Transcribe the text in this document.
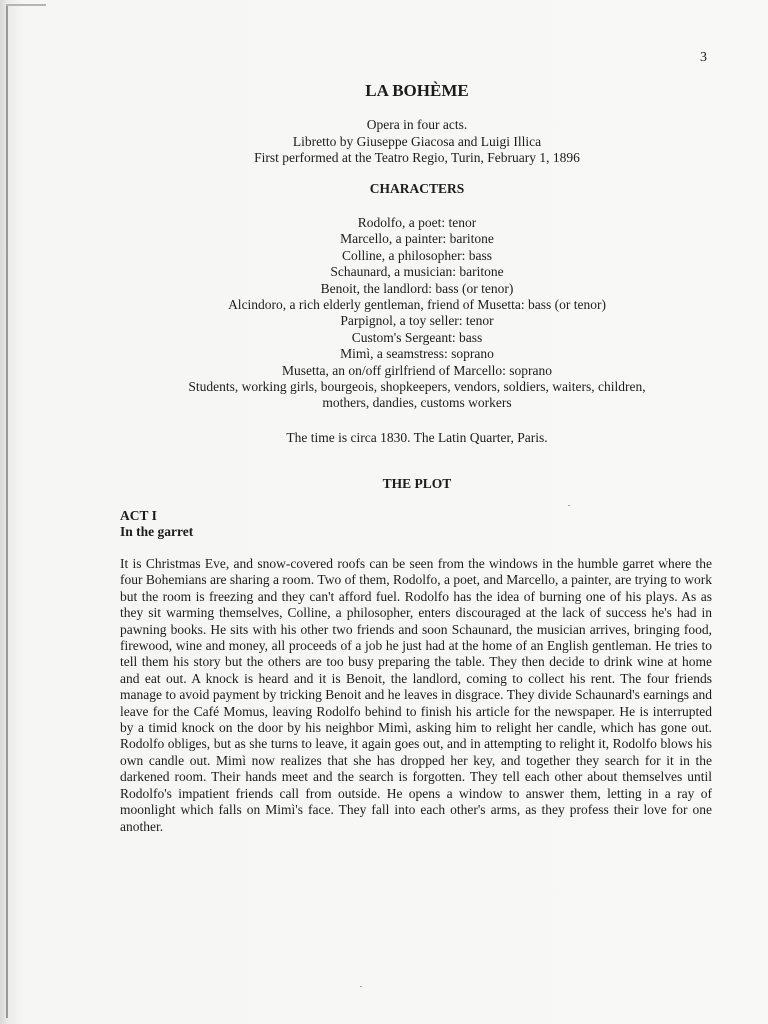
3
LA BOHÈME
Opera in four acts.
Libretto by Giuseppe Giacosa and Luigi Illica
First performed at the Teatro Regio, Turin, February 1, 1896
CHARACTERS
Rodolfo, a poet: tenor
Marcello, a painter: baritone
Colline, a philosopher: bass
Schaunard, a musician: baritone
Benoit, the landlord: bass (or tenor)
Alcindoro, a rich elderly gentleman, friend of Musetta: bass (or tenor)
Parpignol, a toy seller: tenor
Custom's Sergeant: bass
Mimì, a seamstress: soprano
Musetta, an on/off girlfriend of Marcello: soprano
Students, working girls, bourgeois, shopkeepers, vendors, soldiers, waiters, children,
mothers, dandies, customs workers
The time is circa 1830. The Latin Quarter, Paris.
THE PLOT
ACT I
In the garret
It is Christmas Eve, and snow-covered roofs can be seen from the windows in the humble garret where the four Bohemians are sharing a room. Two of them, Rodolfo, a poet, and Marcello, a painter, are trying to work but the room is freezing and they can't afford fuel. Rodolfo has the idea of burning one of his plays. As as they sit warming themselves, Colline, a philosopher, enters discouraged at the lack of success he's had in pawning books. He sits with his other two friends and soon Schaunard, the musician arrives, bringing food, firewood, wine and money, all proceeds of a job he just had at the home of an English gentleman. He tries to tell them his story but the others are too busy preparing the table. They then decide to drink wine at home and eat out. A knock is heard and it is Benoit, the landlord, coming to collect his rent. The four friends manage to avoid payment by tricking Benoit and he leaves in disgrace. They divide Schaunard's earnings and leave for the Café Momus, leaving Rodolfo behind to finish his article for the newspaper. He is interrupted by a timid knock on the door by his neighbor Mimì, asking him to relight her candle, which has gone out. Rodolfo obliges, but as she turns to leave, it again goes out, and in attempting to relight it, Rodolfo blows his own candle out. Mimì now realizes that she has dropped her key, and together they search for it in the darkened room. Their hands meet and the search is forgotten. They tell each other about themselves until Rodolfo's impatient friends call from outside. He opens a window to answer them, letting in a ray of moonlight which falls on Mimì's face. They fall into each other's arms, as they profess their love for one another.
